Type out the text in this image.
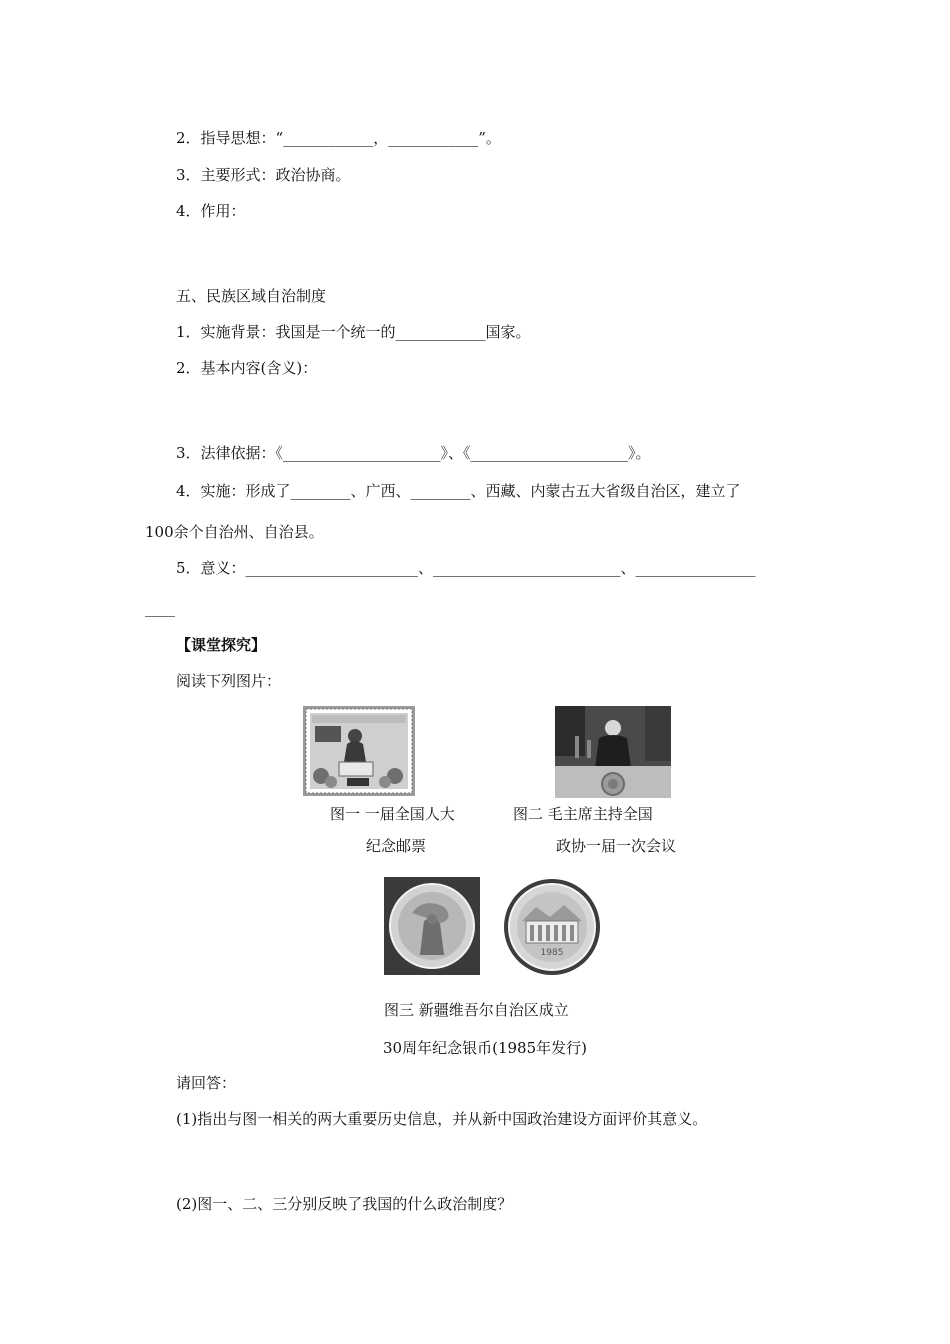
2．指导思想：“____________，____________”。
3．主要形式：政治协商。
4．作用：
五、民族区域自治制度
1．实施背景：我国是一个统一的____________国家。
2．基本内容(含义)：
3．法律依据：《_____________________》、《_____________________》。
4．实施：形成了________、广西、________、西藏、内蒙古五大省级自治区，建立了
100余个自治州、自治县。
5．意义：_______________________、_________________________、________________
____
【课堂探究】
阅读下列图片：
图一 一届全国人大	图二 毛主席主持全国
纪念邮票	政协一届一次会议
1985
图三 新疆维吾尔自治区成立
30周年纪念银币(1985年发行)
请回答：
(1)指出与图一相关的两大重要历史信息，并从新中国政治建设方面评价其意义。
(2)图一、二、三分别反映了我国的什么政治制度？
